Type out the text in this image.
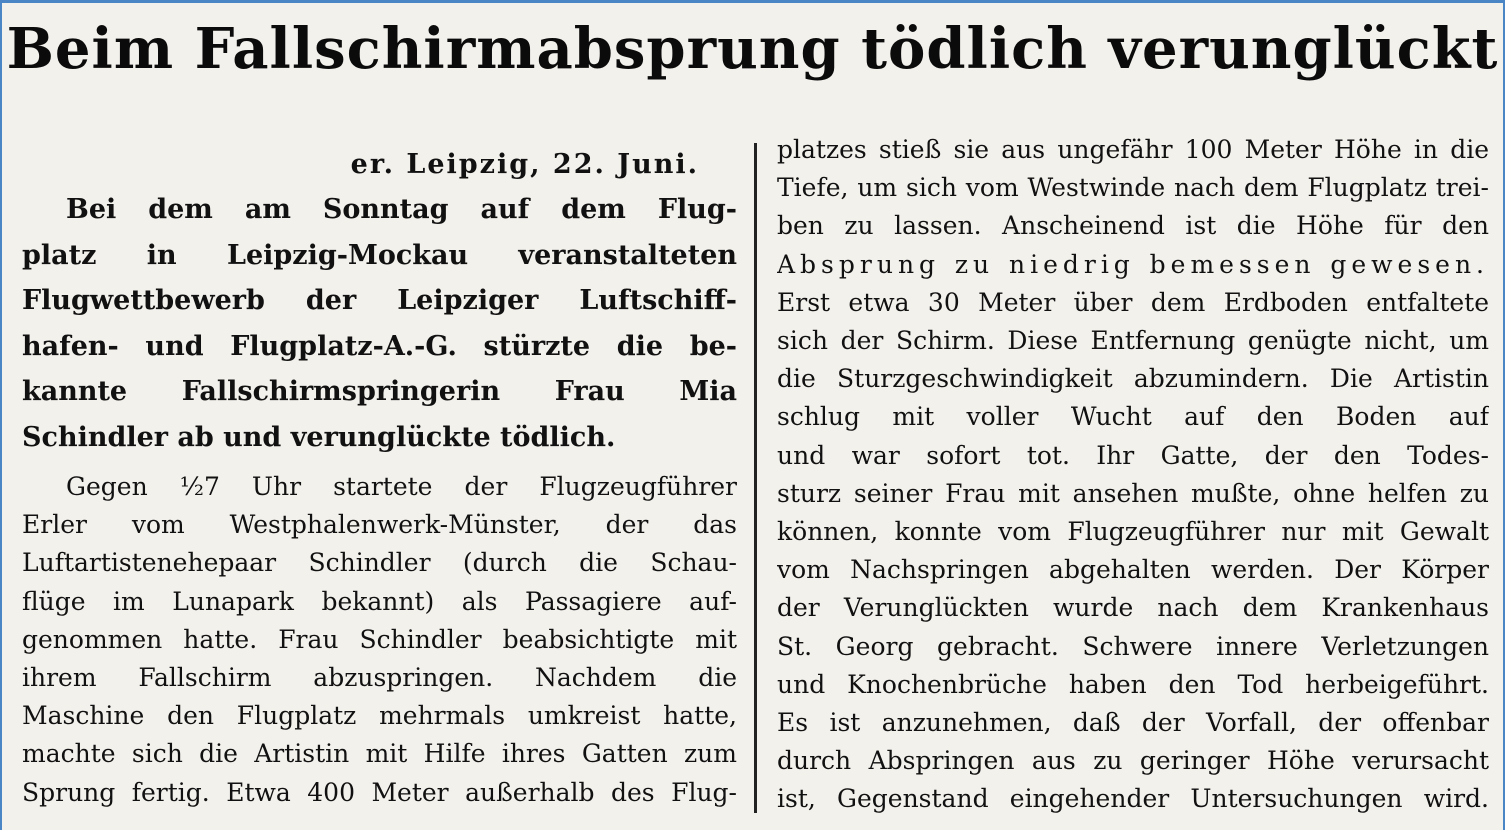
Beim Fallschirmabsprung tödlich verunglückt
er. Leipzig, 22. Juni.
Bei dem am Sonntag auf dem Flug-
platz in Leipzig-Mockau veranstalteten
Flugwettbewerb der Leipziger Luftschiff-
hafen- und Flugplatz-A.-G. stürzte die be-
kannte Fallschirmspringerin Frau Mia
Schindler ab und verunglückte tödlich.
Gegen ½7 Uhr startete der Flugzeugführer
Erler vom Westphalenwerk-Münster, der das
Luftartistenehepaar Schindler (durch die Schau-
flüge im Lunapark bekannt) als Passagiere auf-
genommen hatte. Frau Schindler beabsichtigte mit
ihrem Fallschirm abzuspringen. Nachdem die
Maschine den Flugplatz mehrmals umkreist hatte,
machte sich die Artistin mit Hilfe ihres Gatten zum
Sprung fertig. Etwa 400 Meter außerhalb des Flug-
platzes stieß sie aus ungefähr 100 Meter Höhe in die
Tiefe, um sich vom Westwinde nach dem Flugplatz trei-
ben zu lassen. Anscheinend ist die Höhe für den
Absprung zu niedrig bemessen gewesen.
Erst etwa 30 Meter über dem Erdboden entfaltete
sich der Schirm. Diese Entfernung genügte nicht, um
die Sturzgeschwindigkeit abzumindern. Die Artistin
schlug mit voller Wucht auf den Boden auf
und war sofort tot. Ihr Gatte, der den Todes-
sturz seiner Frau mit ansehen mußte, ohne helfen zu
können, konnte vom Flugzeugführer nur mit Gewalt
vom Nachspringen abgehalten werden. Der Körper
der Verunglückten wurde nach dem Krankenhaus
St. Georg gebracht. Schwere innere Verletzungen
und Knochenbrüche haben den Tod herbeigeführt.
Es ist anzunehmen, daß der Vorfall, der offenbar
durch Abspringen aus zu geringer Höhe verursacht
ist, Gegenstand eingehender Untersuchungen wird.
